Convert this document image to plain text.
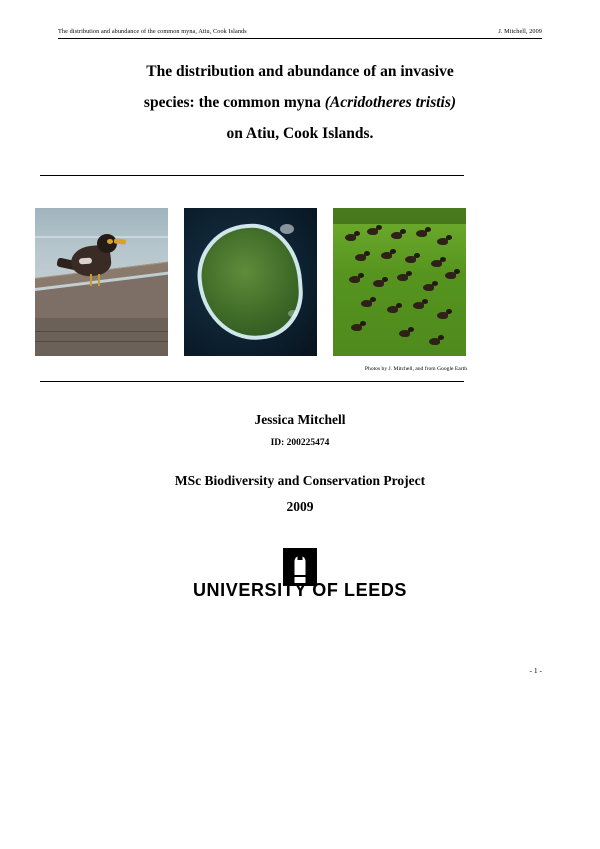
The distribution and abundance of the common myna, Atiu, Cook Islands	J. Mitchell, 2009
The distribution and abundance of an invasive
species: the common myna (Acridotheres tristis)
on Atiu, Cook Islands.
Photos by J. Mitchell, and from Google Earth
Jessica Mitchell
ID: 200225474
MSc Biodiversity and Conservation Project
2009
UNIVERSITY OF LEEDS
- 1 -
